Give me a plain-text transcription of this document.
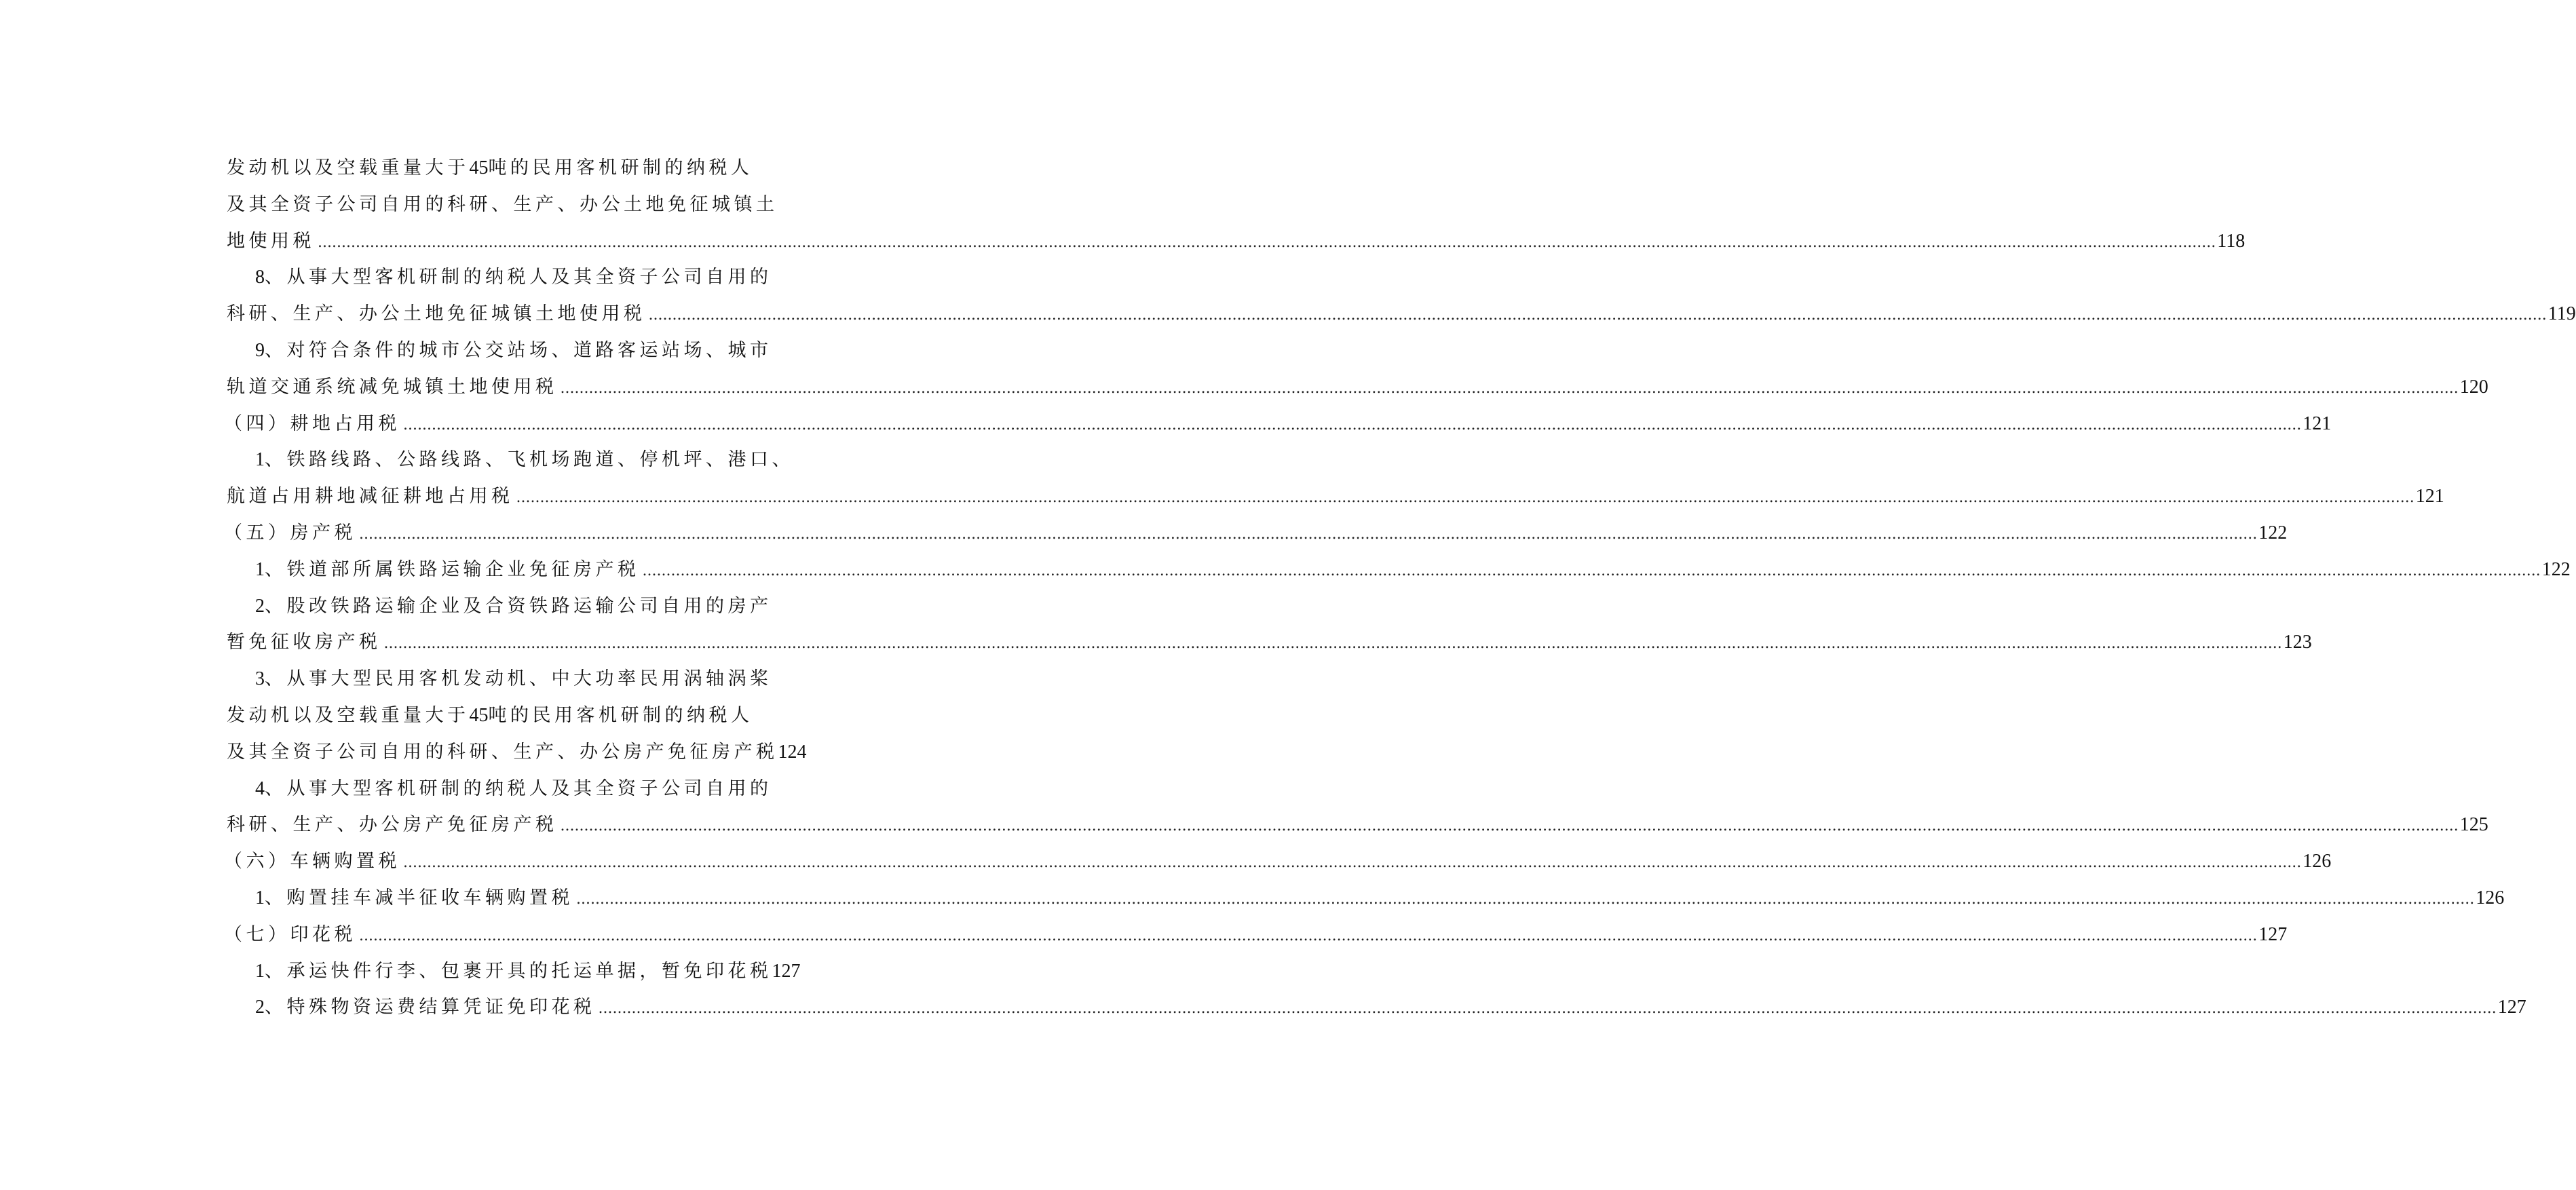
发动机以及空载重量大于45吨的民用客机研制的纳税人
及其全资子公司自用的科研、生产、办公土地免征城镇土
地使用税 ................................................................................................................................................................................................................................................................................................................................................................................................................ 118
8、从事大型客机研制的纳税人及其全资子公司自用的
科研、生产、办公土地免征城镇土地使用税 ................................................................................................................................................................................................................................................................................................................................................................................................................ 119
9、对符合条件的城市公交站场、道路客运站场、城市
轨道交通系统减免城镇土地使用税 ................................................................................................................................................................................................................................................................................................................................................................................................................ 120
（四）耕地占用税 ................................................................................................................................................................................................................................................................................................................................................................................................................ 121
1、铁路线路、公路线路、飞机场跑道、停机坪、港口、
航道占用耕地减征耕地占用税 ................................................................................................................................................................................................................................................................................................................................................................................................................ 121
（五）房产税 ................................................................................................................................................................................................................................................................................................................................................................................................................ 122
1、铁道部所属铁路运输企业免征房产税 ................................................................................................................................................................................................................................................................................................................................................................................................................ 122
2、股改铁路运输企业及合资铁路运输公司自用的房产
暂免征收房产税 ................................................................................................................................................................................................................................................................................................................................................................................................................ 123
3、从事大型民用客机发动机、中大功率民用涡轴涡桨
发动机以及空载重量大于45吨的民用客机研制的纳税人
及其全资子公司自用的科研、生产、办公房产免征房产税 124
4、从事大型客机研制的纳税人及其全资子公司自用的
科研、生产、办公房产免征房产税 ................................................................................................................................................................................................................................................................................................................................................................................................................ 125
（六）车辆购置税 ................................................................................................................................................................................................................................................................................................................................................................................................................ 126
1、购置挂车减半征收车辆购置税 ................................................................................................................................................................................................................................................................................................................................................................................................................ 126
（七）印花税 ................................................................................................................................................................................................................................................................................................................................................................................................................ 127
1、承运快件行李、包裹开具的托运单据，暂免印花税 127
2、特殊物资运费结算凭证免印花税 ................................................................................................................................................................................................................................................................................................................................................................................................................ 127
